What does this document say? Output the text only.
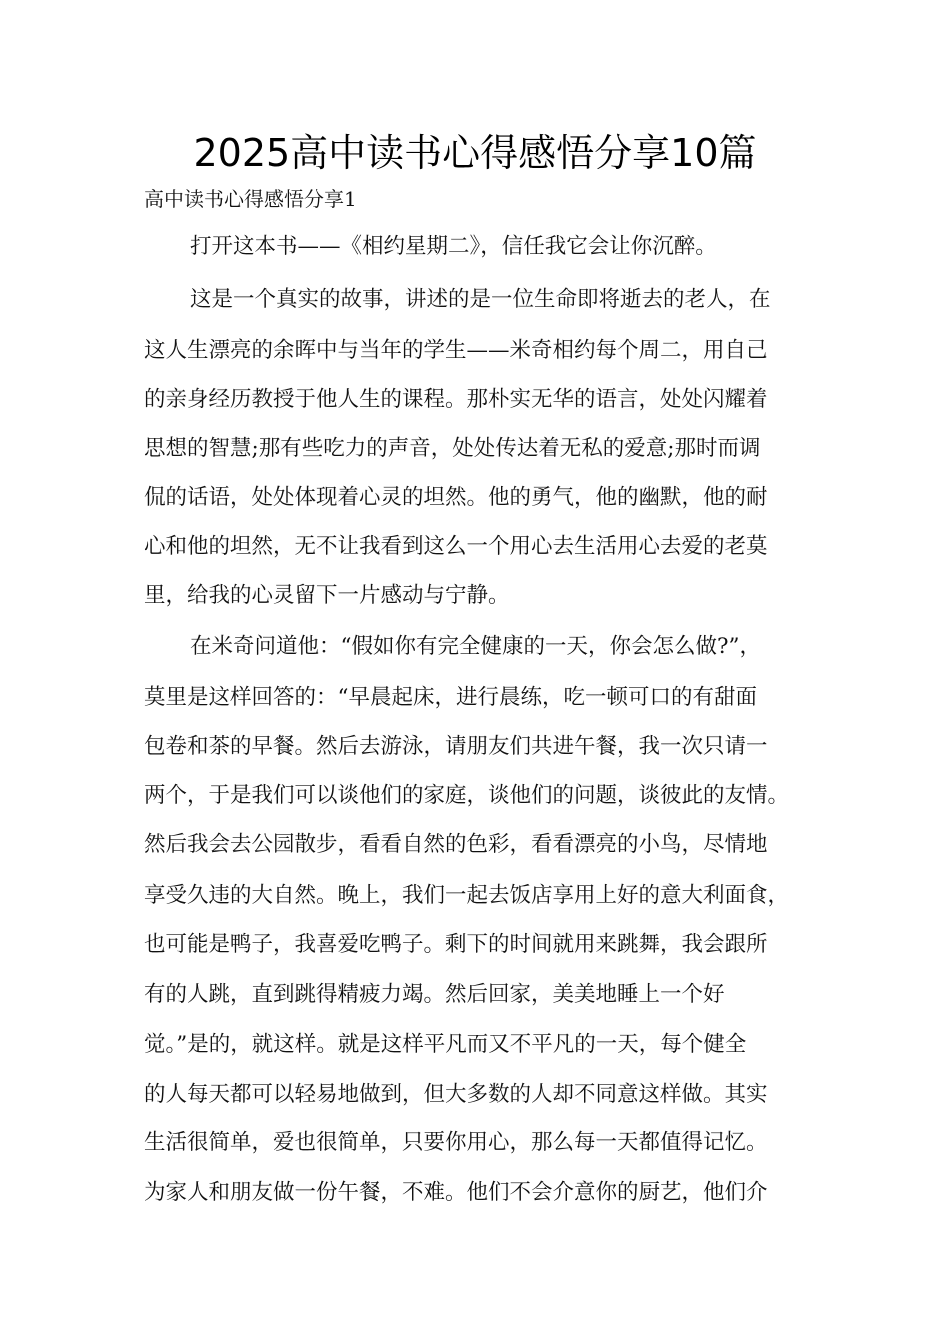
2025高中读书心得感悟分享10篇
高中读书心得感悟分享1

打开这本书——《相约星期二》，信任我它会让你沉醉。

这是一个真实的故事，讲述的是一位生命即将逝去的老人，在

这人生漂亮的余晖中与当年的学生——米奇相约每个周二，用自己

的亲身经历教授于他人生的课程。那朴实无华的语言，处处闪耀着

思想的智慧;那有些吃力的声音，处处传达着无私的爱意;那时而调

侃的话语，处处体现着心灵的坦然。他的勇气，他的幽默，他的耐

心和他的坦然，无不让我看到这么一个用心去生活用心去爱的老莫

里，给我的心灵留下一片感动与宁静。

在米奇问道他：“假如你有完全健康的一天，你会怎么做?”，

莫里是这样回答的：“早晨起床，进行晨练，吃一顿可口的有甜面

包卷和茶的早餐。然后去游泳，请朋友们共进午餐，我一次只请一

两个，于是我们可以谈他们的家庭，谈他们的问题，谈彼此的友情。

然后我会去公园散步，看看自然的色彩，看看漂亮的小鸟，尽情地

享受久违的大自然。晚上，我们一起去饭店享用上好的意大利面食，

也可能是鸭子，我喜爱吃鸭子。剩下的时间就用来跳舞，我会跟所

有的人跳，直到跳得精疲力竭。然后回家，美美地睡上一个好

觉。”是的，就这样。就是这样平凡而又不平凡的一天，每个健全

的人每天都可以轻易地做到，但大多数的人却不同意这样做。其实

生活很简单，爱也很简单，只要你用心，那么每一天都值得记忆。

为家人和朋友做一份午餐，不难。他们不会介意你的厨艺，他们介
